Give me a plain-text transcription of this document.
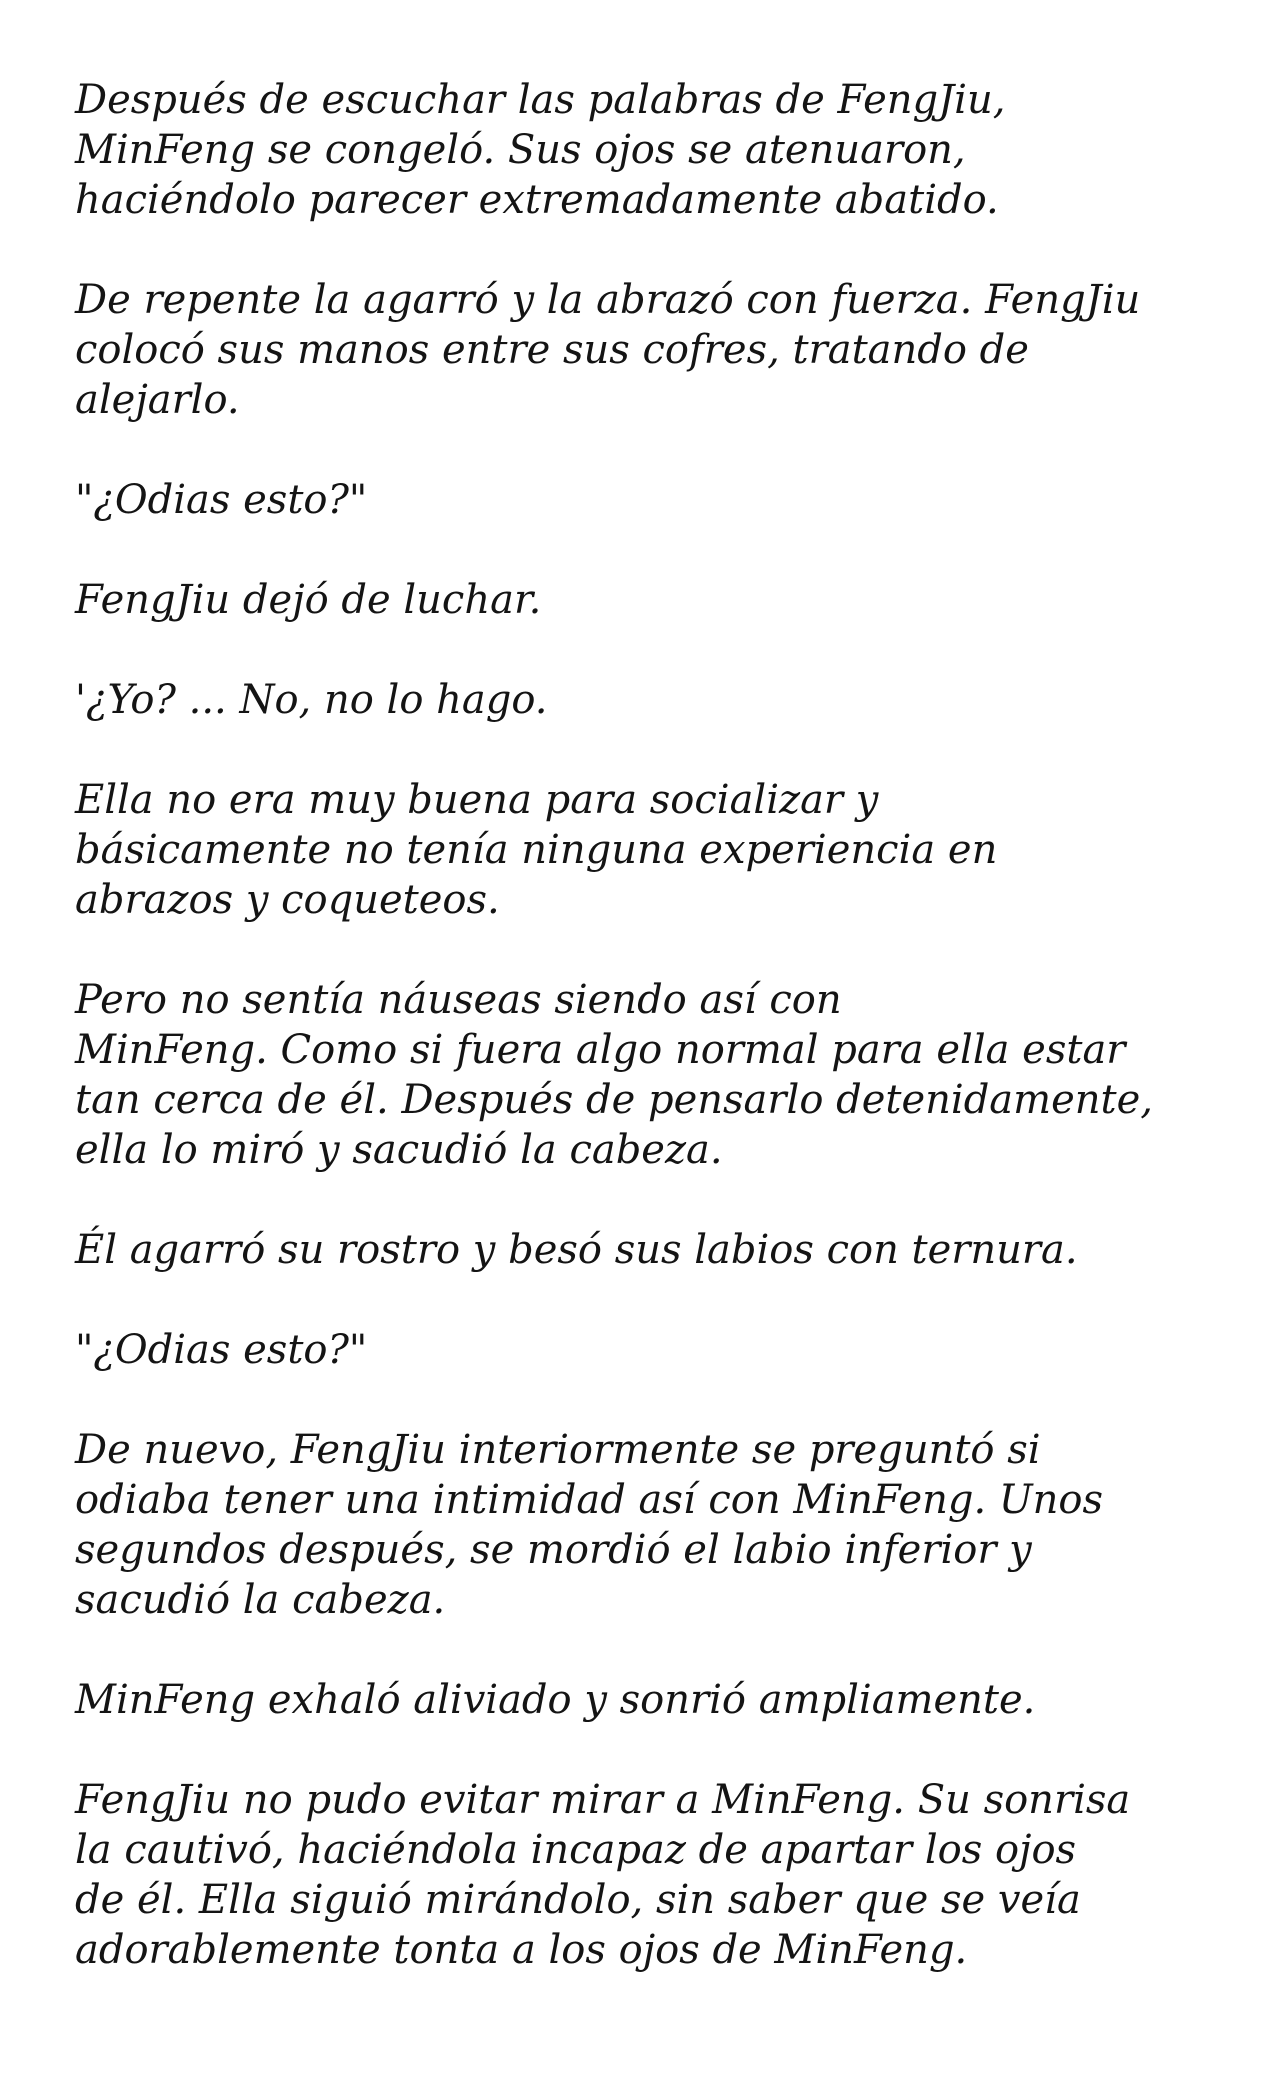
Después de escuchar las palabras de FengJiu,
MinFeng se congeló. Sus ojos se atenuaron,
haciéndolo parecer extremadamente abatido.

De repente la agarró y la abrazó con fuerza. FengJiu
colocó sus manos entre sus cofres, tratando de
alejarlo.

"¿Odias esto?"

FengJiu dejó de luchar.

'¿Yo? ... No, no lo hago.

Ella no era muy buena para socializar y
básicamente no tenía ninguna experiencia en
abrazos y coqueteos.

Pero no sentía náuseas siendo así con
MinFeng. Como si fuera algo normal para ella estar
tan cerca de él. Después de pensarlo detenidamente,
ella lo miró y sacudió la cabeza.

Él agarró su rostro y besó sus labios con ternura.

"¿Odias esto?"

De nuevo, FengJiu interiormente se preguntó si
odiaba tener una intimidad así con MinFeng. Unos
segundos después, se mordió el labio inferior y
sacudió la cabeza.

MinFeng exhaló aliviado y sonrió ampliamente.

FengJiu no pudo evitar mirar a MinFeng. Su sonrisa
la cautivó, haciéndola incapaz de apartar los ojos
de él. Ella siguió mirándolo, sin saber que se veía
adorablemente tonta a los ojos de MinFeng.
